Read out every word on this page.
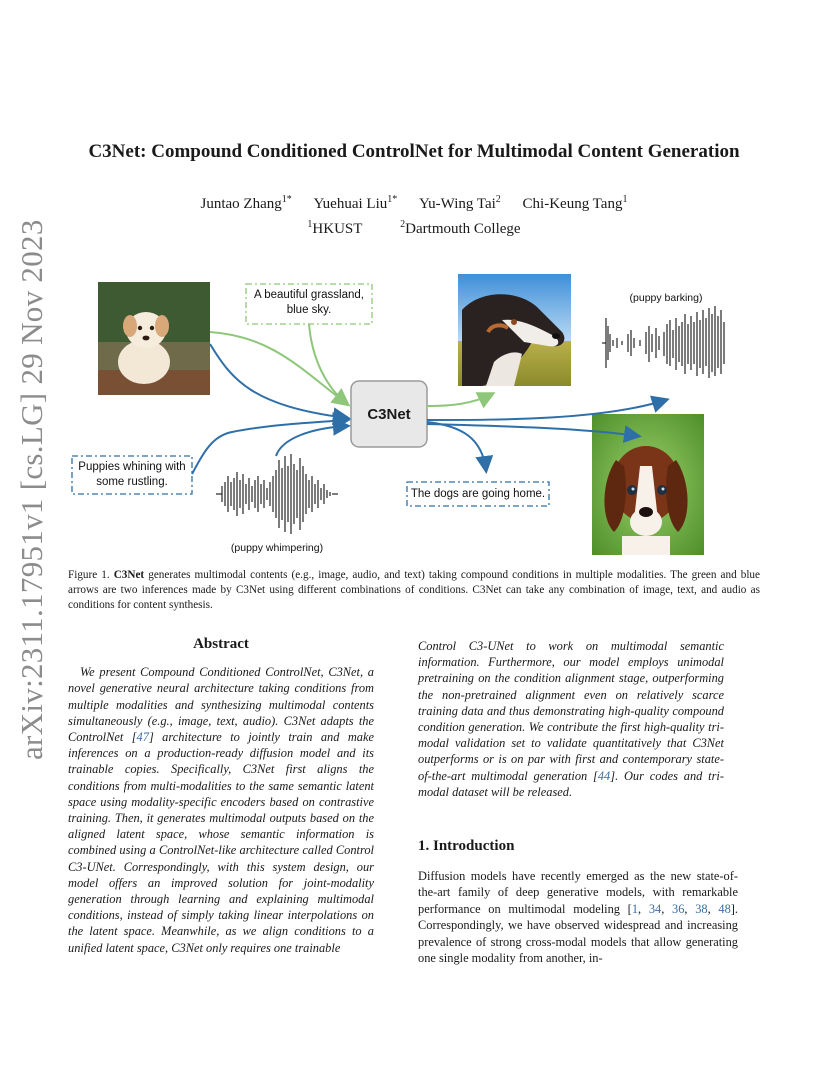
arXiv:2311.17951v1 [cs.LG] 29 Nov 2023
C3Net: Compound Conditioned ControlNet for Multimodal Content Generation
Juntao Zhang$^{1*}$ Yuehuai Liu$^{1*}$ Yu-Wing Tai$^2$ Chi-Keung Tang$^1$
$^1$HKUST	$^2$Dartmouth College
A beautiful grassland, blue sky.
Puppies whining with some rustling.
The dogs are going home.
(puppy barking)
(puppy whimpering)
C3Net
Figure 1. C3Net generates multimodal contents (e.g., image, audio, and text) taking compound conditions in multiple modalities. The green and blue arrows are two inferences made by C3Net using different combinations of conditions. C3Net can take any combination of image, text, and audio as conditions for content synthesis.
Abstract
We present Compound Conditioned ControlNet, C3Net, a novel generative neural architecture taking conditions from multiple modalities and synthesizing multimodal contents simultaneously (e.g., image, text, audio). C3Net adapts the ControlNet [47] architecture to jointly train and make inferences on a production-ready diffusion model and its trainable copies. Specifically, C3Net first aligns the conditions from multi-modalities to the same semantic latent space using modality-specific encoders based on contrastive training. Then, it generates multimodal outputs based on the aligned latent space, whose semantic information is combined using a ControlNet-like architecture called Control C3-UNet. Correspondingly, with this system design, our model offers an improved solution for joint-modality generation through learning and explaining multimodal conditions, instead of simply taking linear interpolations on the latent space. Meanwhile, as we align conditions to a unified latent space, C3Net only requires one trainable
Control C3-UNet to work on multimodal semantic information. Furthermore, our model employs unimodal pretraining on the condition alignment stage, outperforming the non-pretrained alignment even on relatively scarce training data and thus demonstrating high-quality compound condition generation. We contribute the first high-quality tri-modal validation set to validate quantitatively that C3Net outperforms or is on par with first and contemporary state-of-the-art multimodal generation [44]. Our codes and tri-modal dataset will be released.
1. Introduction
Diffusion models have recently emerged as the new state-of-the-art family of deep generative models, with remarkable performance on multimodal modeling [1, 34, 36, 38, 48]. Correspondingly, we have observed widespread and increasing prevalence of strong cross-modal models that allow generating one single modality from another, in-
